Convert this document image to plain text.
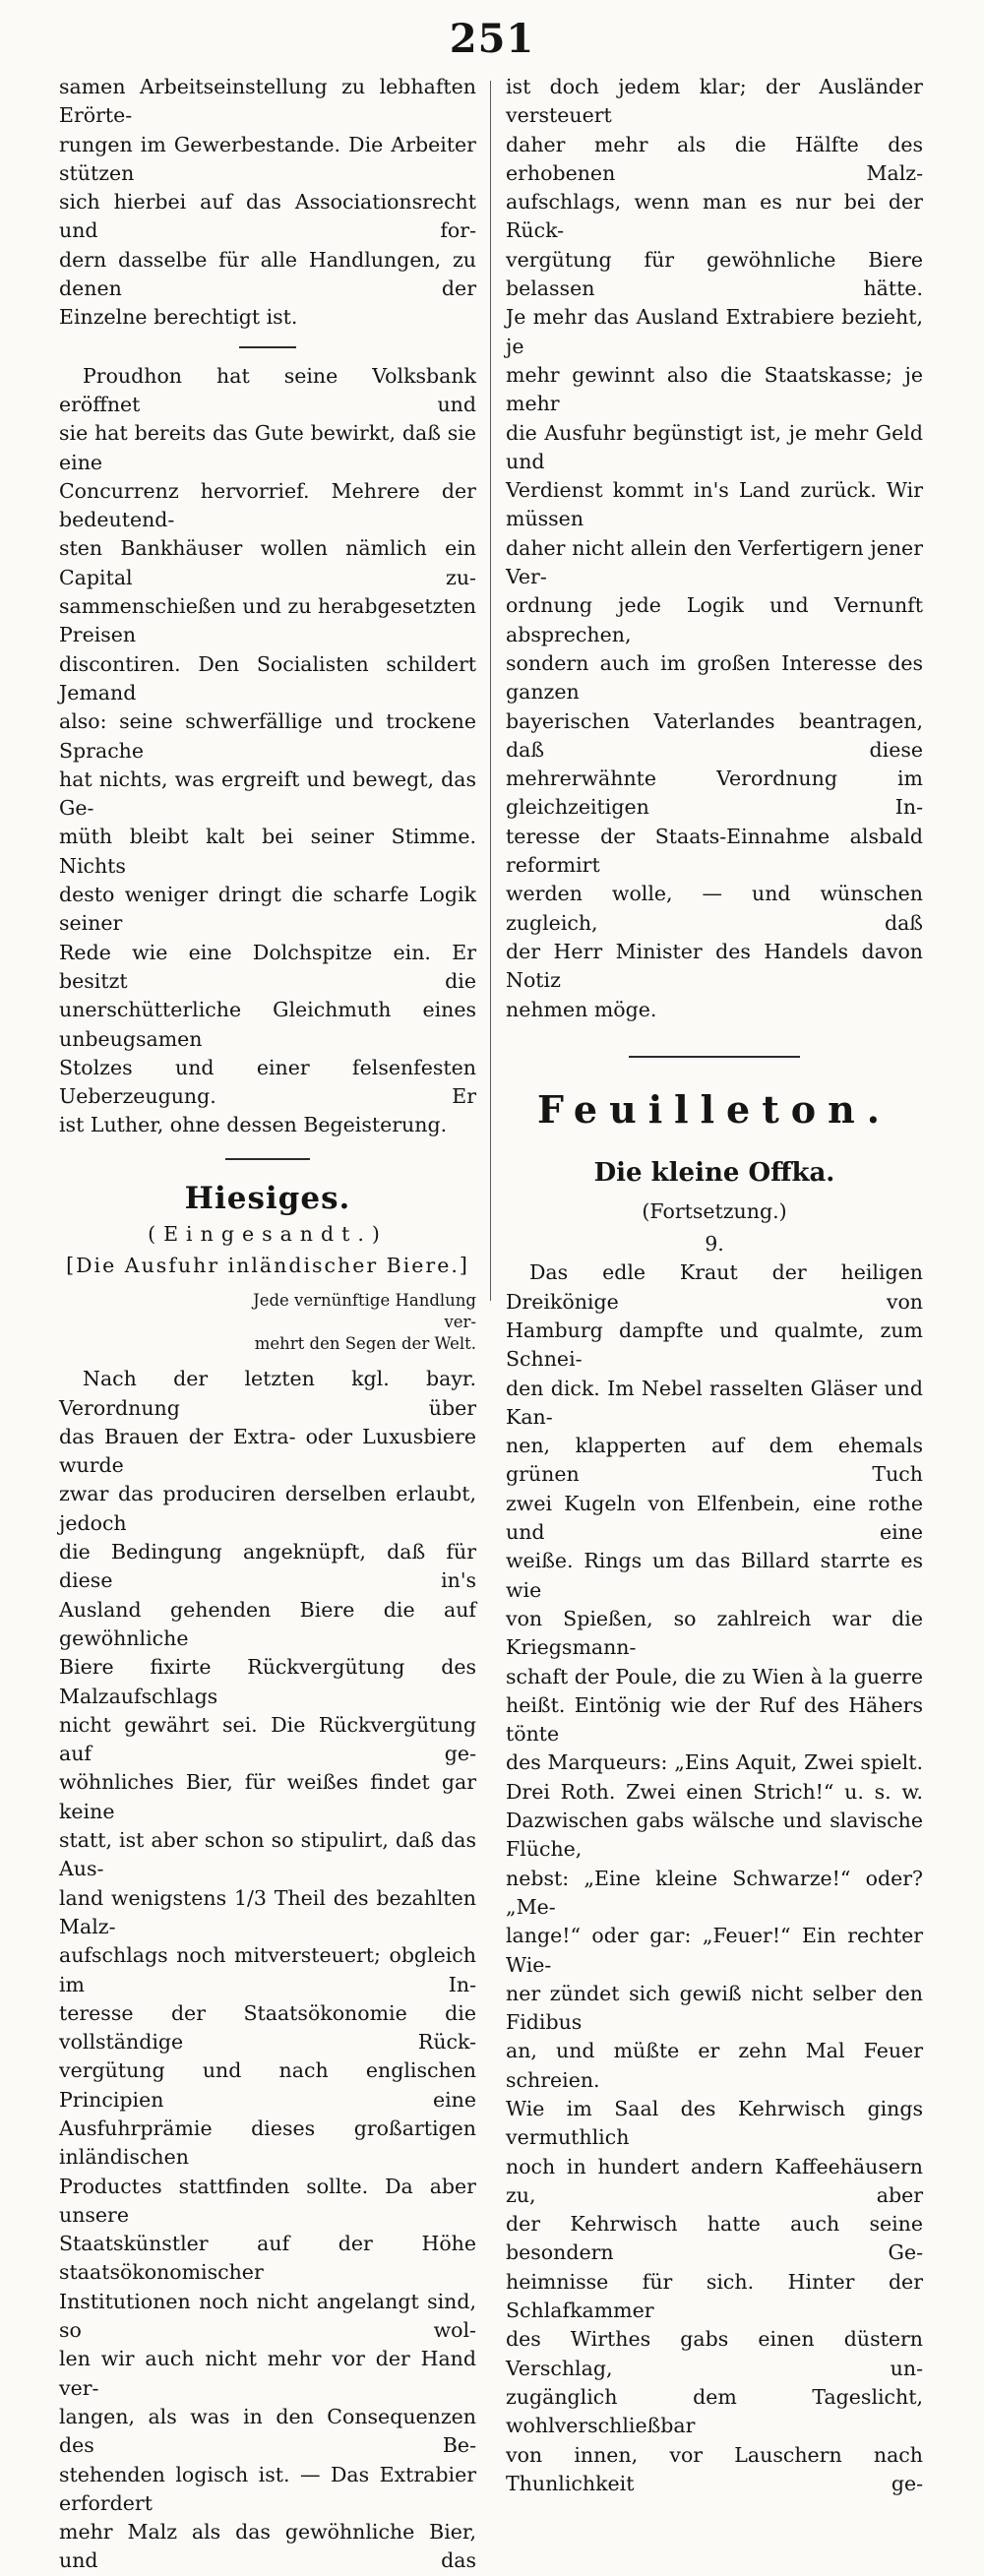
251

samen Arbeitseinstellung zu lebhaften Erörte-

rungen im Gewerbestande. Die Arbeiter stützen

sich hierbei auf das Associationsrecht und for-

dern dasselbe für alle Handlungen, zu denen der

Einzelne berechtigt ist.

Proudhon hat seine Volksbank eröffnet und

sie hat bereits das Gute bewirkt, daß sie eine

Concurrenz hervorrief. Mehrere der bedeutend-

sten Bankhäuser wollen nämlich ein Capital zu-

sammenschießen und zu herabgesetzten Preisen

discontiren. Den Socialisten schildert Jemand

also: seine schwerfällige und trockene Sprache

hat nichts, was ergreift und bewegt, das Ge-

müth bleibt kalt bei seiner Stimme. Nichts

desto weniger dringt die scharfe Logik seiner

Rede wie eine Dolchspitze ein. Er besitzt die

unerschütterliche Gleichmuth eines unbeugsamen

Stolzes und einer felsenfesten Ueberzeugung. Er

ist Luther, ohne dessen Begeisterung.

Hiesiges.
(Eingesandt.)
[Die Ausfuhr inländischer Biere.]
Jede vernünftige Handlung ver-
mehrt den Segen der Welt.

Nach der letzten kgl. bayr. Verordnung über

das Brauen der Extra- oder Luxusbiere wurde

zwar das produciren derselben erlaubt, jedoch

die Bedingung angeknüpft, daß für diese in's

Ausland gehenden Biere die auf gewöhnliche

Biere fixirte Rückvergütung des Malzaufschlags

nicht gewährt sei. Die Rückvergütung auf ge-

wöhnliches Bier, für weißes findet gar keine

statt, ist aber schon so stipulirt, daß das Aus-

land wenigstens 1/3 Theil des bezahlten Malz-

aufschlags noch mitversteuert; obgleich im In-

teresse der Staatsökonomie die vollständige Rück-

vergütung und nach englischen Principien eine

Ausfuhrprämie dieses großartigen inländischen

Productes stattfinden sollte. Da aber unsere

Staatskünstler auf der Höhe staatsökonomischer

Institutionen noch nicht angelangt sind, so wol-

len wir auch nicht mehr vor der Hand ver-

langen, als was in den Consequenzen des Be-

stehenden logisch ist. — Das Extrabier erfordert

mehr Malz als das gewöhnliche Bier, und das

ist doch jedem klar; der Ausländer versteuert

daher mehr als die Hälfte des erhobenen Malz-

aufschlags, wenn man es nur bei der Rück-

vergütung für gewöhnliche Biere belassen hätte.

Je mehr das Ausland Extrabiere bezieht, je

mehr gewinnt also die Staatskasse; je mehr

die Ausfuhr begünstigt ist, je mehr Geld und

Verdienst kommt in's Land zurück. Wir müssen

daher nicht allein den Verfertigern jener Ver-

ordnung jede Logik und Vernunft absprechen,

sondern auch im großen Interesse des ganzen

bayerischen Vaterlandes beantragen, daß diese

mehrerwähnte Verordnung im gleichzeitigen In-

teresse der Staats-Einnahme alsbald reformirt

werden wolle, — und wünschen zugleich, daß

der Herr Minister des Handels davon Notiz

nehmen möge.

Feuilleton.
Die kleine Offka.
(Fortsetzung.)
9.

Das edle Kraut der heiligen Dreikönige von

Hamburg dampfte und qualmte, zum Schnei-

den dick. Im Nebel rasselten Gläser und Kan-

nen, klapperten auf dem ehemals grünen Tuch

zwei Kugeln von Elfenbein, eine rothe und eine

weiße. Rings um das Billard starrte es wie

von Spießen, so zahlreich war die Kriegsmann-

schaft der Poule, die zu Wien à la guerre

heißt. Eintönig wie der Ruf des Hähers tönte

des Marqueurs: „Eins Aquit, Zwei spielt.

Drei Roth. Zwei einen Strich!“ u. s. w.

Dazwischen gabs wälsche und slavische Flüche,

nebst: „Eine kleine Schwarze!“ oder? „Me-

lange!“ oder gar: „Feuer!“ Ein rechter Wie-

ner zündet sich gewiß nicht selber den Fidibus

an, und müßte er zehn Mal Feuer schreien.

Wie im Saal des Kehrwisch gings vermuthlich

noch in hundert andern Kaffeehäusern zu, aber

der Kehrwisch hatte auch seine besondern Ge-

heimnisse für sich. Hinter der Schlafkammer

des Wirthes gabs einen düstern Verschlag, un-

zugänglich dem Tageslicht, wohlverschließbar

von innen, vor Lauschern nach Thunlichkeit ge-
